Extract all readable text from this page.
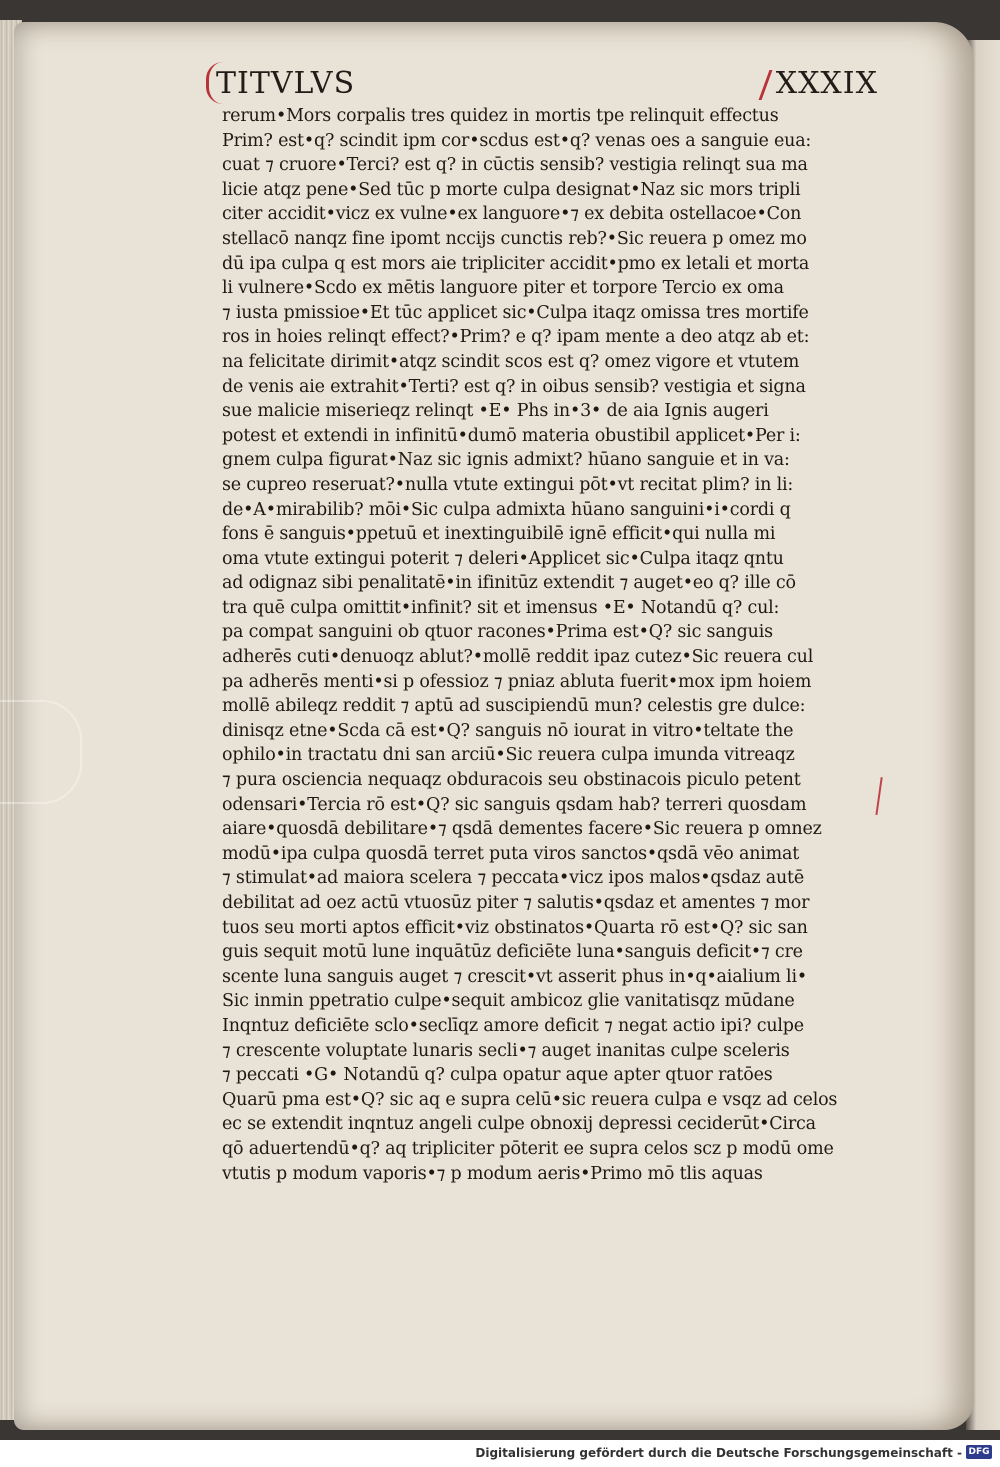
TITVLVS	XXXIX
rerum•Mors corpalis tres quidez in mortis tpe relinquit effectus
Prim? est•q? scindit ipm cor•scdus est•q? venas oes a sanguie eua:
cuat ⁊ cruore•Terci? est q? in cūctis sensib? vestigia relinqt sua ma
licie atqz pene•Sed tūc p morte culpa designat•Naz sic mors tripli
citer accidit•vicz ex vulne•ex languore•⁊ ex debita ostellacoe•Con
stellacō nanqz fine ipomt nccijs cunctis reb?•Sic reuera p omez mo
dū ipa culpa q est mors aie tripliciter accidit•pmo ex letali et morta
li vulnere•Scdo ex mētis languore piter et torpore Tercio ex oma
⁊ iusta pmissioe•Et tūc applicet sic•Culpa itaqz omissa tres mortife
ros in hoies relinqt effect?•Prim? e q? ipam mente a deo atqz ab et:
na felicitate dirimit•atqz scindit scos est q? omez vigore et vtutem
de venis aie extrahit•Terti? est q? in oibus sensib? vestigia et signa
sue malicie miserieqz relinqt •E• Phs in•3• de aia Ignis augeri
potest et extendi in infinitū•dumō materia obustibil applicet•Per i:
gnem culpa figurat•Naz sic ignis admixt? hūano sanguie et in va:
se cupreo reseruat?•nulla vtute extingui pōt•vt recitat plim? in li:
de•A•mirabilib? mōi•Sic culpa admixta hūano sanguini•i•cordi q
fons ē sanguis•ppetuū et inextinguibilē ignē efficit•qui nulla mi
oma vtute extingui poterit ⁊ deleri•Applicet sic•Culpa itaqz qntu
ad odignaz sibi penalitatē•in ifinitūz extendit ⁊ auget•eo q? ille cō
tra quē culpa omittit•infinit? sit et imensus •E• Notandū q? cul:
pa compat sanguini ob qtuor racones•Prima est•Q? sic sanguis
adherēs cuti•denuoqz ablut?•mollē reddit ipaz cutez•Sic reuera cul
pa adherēs menti•si p ofessioz ⁊ pniaz abluta fuerit•mox ipm hoiem
mollē abileqz reddit ⁊ aptū ad suscipiendū mun? celestis gre dulce:
dinisqz etne•Scda cā est•Q? sanguis nō iourat in vitro•teltate the
ophilo•in tractatu dni san arciū•Sic reuera culpa imunda vitreaqz
⁊ pura osciencia nequaqz obduracois seu obstinacois piculo petent
odensari•Tercia rō est•Q? sic sanguis qsdam hab? terreri quosdam
aiare•quosdā debilitare•⁊ qsdā dementes facere•Sic reuera p omnez
modū•ipa culpa quosdā terret puta viros sanctos•qsdā vēo animat
⁊ stimulat•ad maiora scelera ⁊ peccata•vicz ipos malos•qsdaz autē
debilitat ad oez actū vtuosūz piter ⁊ salutis•qsdaz et amentes ⁊ mor
tuos seu morti aptos efficit•viz obstinatos•Quarta rō est•Q? sic san
guis sequit motū lune inquātūz deficiēte luna•sanguis deficit•⁊ cre
scente luna sanguis auget ⁊ crescit•vt asserit phus in•q•aialium li•
Sic inmin ppetratio culpe•sequit ambicoz glie vanitatisqz mūdane
Inqntuz deficiēte sclo•seclīqz amore deficit ⁊ negat actio ipi? culpe
⁊ crescente voluptate lunaris secli•⁊ auget inanitas culpe sceleris
⁊ peccati •G• Notandū q? culpa opatur aque apter qtuor ratōes
Quarū pma est•Q? sic aq e supra celū•sic reuera culpa e vsqz ad celos
ec se extendit inqntuz angeli culpe obnoxij depressi ceciderūt•Circa
qō aduertendū•q? aq tripliciter pōterit ee supra celos scz p modū ome
vtutis p modum vaporis•⁊ p modum aeris•Primo mō tlis aquas
Digitalisierung gefördert durch die Deutsche Forschungsgemeinschaft - DFG
